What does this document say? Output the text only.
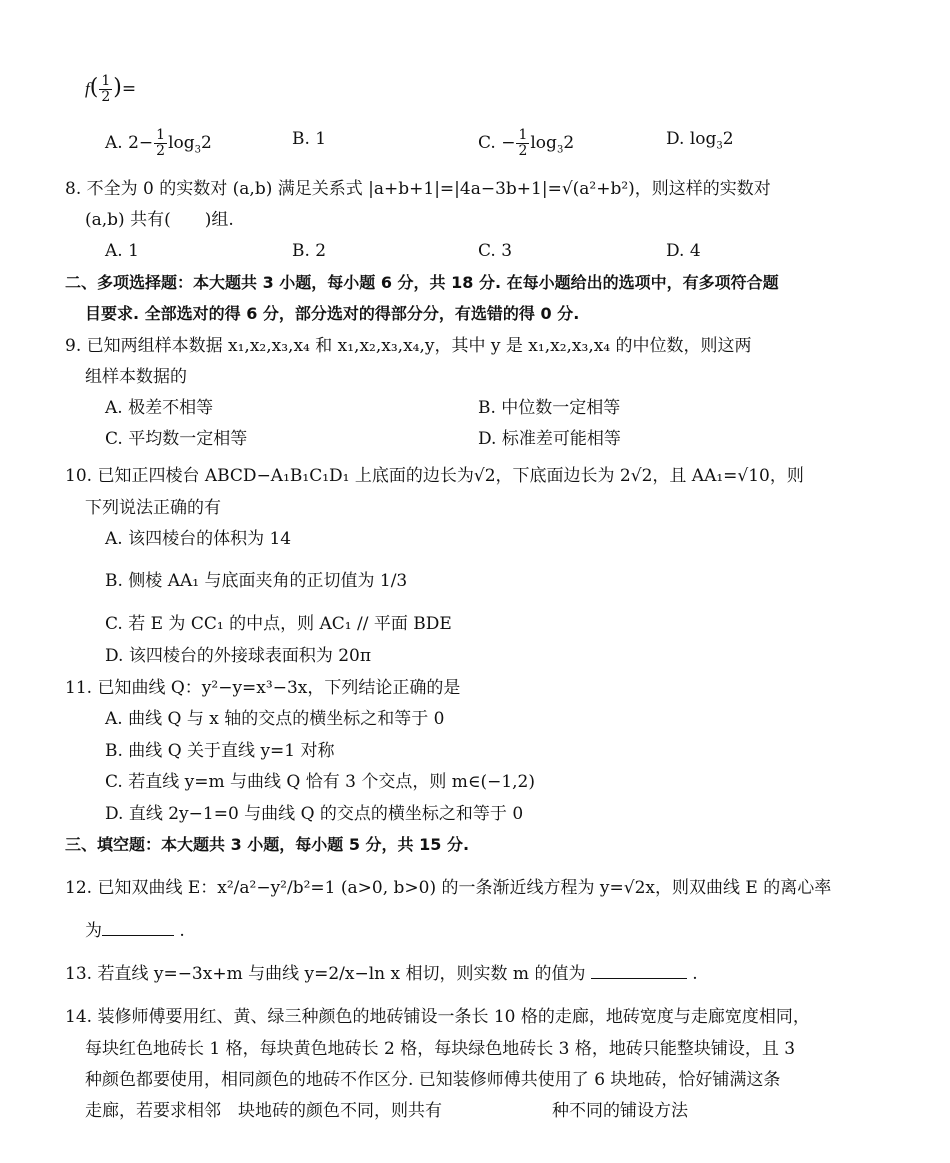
$f( \frac{1}{2}$ )=
A. $2- \frac{1}{2} \log_32$	B. 1	C. − $\frac{1}{2} \log_32$	D. $\log_32$
8. 不全为 0 的实数对 (a,b) 满足关系式 |a+b+1|=|4a−3b+1|=√(a²+b²)，则这样的实数对
(a,b) 共有(　　)组.
A. 1	B. 2	C. 3	D. 4
二、多项选择题：本大题共 3 小题，每小题 6 分，共 18 分. 在每小题给出的选项中，有多项符合题
目要求. 全部选对的得 6 分，部分选对的得部分分，有选错的得 0 分.
9. 已知两组样本数据 x₁,x₂,x₃,x₄ 和 x₁,x₂,x₃,x₄,y，其中 y 是 x₁,x₂,x₃,x₄ 的中位数，则这两
组样本数据的
A. 极差不相等	B. 中位数一定相等
C. 平均数一定相等	D. 标准差可能相等
10. 已知正四棱台 ABCD−A₁B₁C₁D₁ 上底面的边长为√2，下底面边长为 2√2，且 AA₁=√10，则
下列说法正确的有
A. 该四棱台的体积为 14
B. 侧棱 AA₁ 与底面夹角的正切值为 1/3
C. 若 E 为 CC₁ 的中点，则 AC₁ // 平面 BDE
D. 该四棱台的外接球表面积为 20π
11. 已知曲线 Q：y²−y=x³−3x，下列结论正确的是
A. 曲线 Q 与 x 轴的交点的横坐标之和等于 0
B. 曲线 Q 关于直线 y=1 对称
C. 若直线 y=m 与曲线 Q 恰有 3 个交点，则 m∈(−1,2)
D. 直线 2y−1=0 与曲线 Q 的交点的横坐标之和等于 0
三、填空题：本大题共 3 小题，每小题 5 分，共 15 分.
12. 已知双曲线 E：x²/a²−y²/b²=1 (a>0, b>0) 的一条渐近线方程为 y=√2x，则双曲线 E 的离心率
为	.
13. 若直线 y=−3x+m 与曲线 y=2/x−ln x 相切，则实数 m 的值为	.
14. 装修师傅要用红、黄、绿三种颜色的地砖铺设一条长 10 格的走廊，地砖宽度与走廊宽度相同，
每块红色地砖长 1 格，每块黄色地砖长 2 格，每块绿色地砖长 3 格，地砖只能整块铺设，且 3
种颜色都要使用，相同颜色的地砖不作区分. 已知装修师傅共使用了 6 块地砖，恰好铺满这条
走廊，若要求相邻　块地砖的颜色不同，则共有	种不同的铺设方法
